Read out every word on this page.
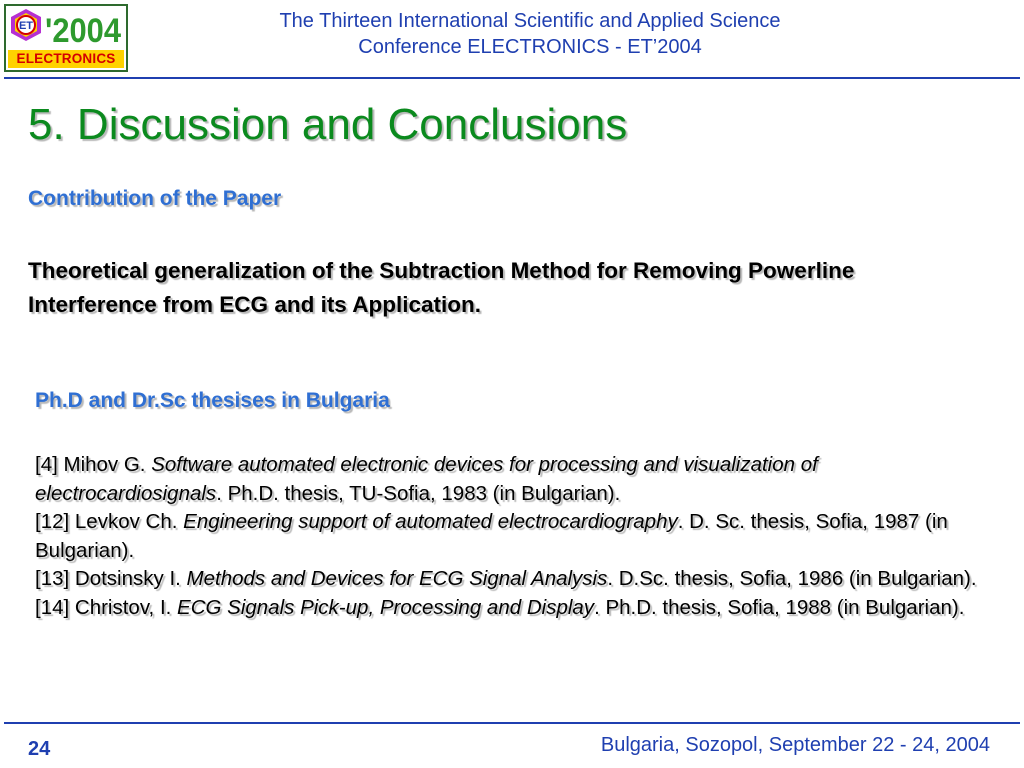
ET '2004
ELECTRONICS
The Thirteen International Scientific and Applied Science
Conference ELECTRONICS - ET’2004
5. Discussion and Conclusions
Contribution of the Paper

Theoretical generalization of the Subtraction Method for Removing Powerline Interference from ECG and its Application.

Ph.D and Dr.Sc thesises in Bulgaria
[4] Mihov G. Software automated electronic devices for processing and visualization of electrocardiosignals. Ph.D. thesis, TU-Sofia, 1983 (in Bulgarian).
[12] Levkov Ch. Engineering support of automated electrocardiography. D. Sc. thesis, Sofia, 1987 (in Bulgarian).
[13] Dotsinsky I. Methods and Devices for ECG Signal Analysis. D.Sc. thesis, Sofia, 1986 (in Bulgarian).
[14] Christov, I. ECG Signals Pick-up, Processing and Display. Ph.D. thesis, Sofia, 1988 (in Bulgarian).
24	Bulgaria, Sozopol, September 22 - 24, 2004
